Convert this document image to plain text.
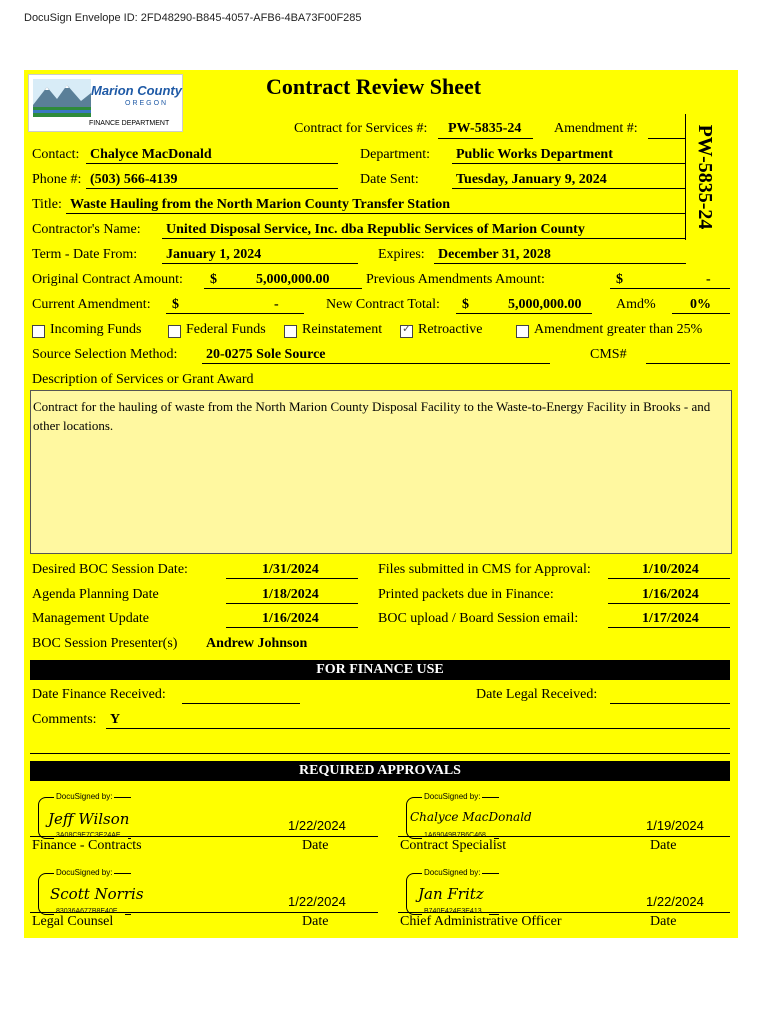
DocuSign Envelope ID: 2FD48290-B845-4057-AFB6-4BA73F00F285
Marion County
OREGON
FINANCE DEPARTMENT
Contract Review Sheet
PW-5835-24
Contract for Services #: PW-5835-24 Amendment #:
Contact: Chalyce MacDonald	Department: Public Works Department
Phone #: (503) 566-4139	Date Sent:	Tuesday, January 9, 2024
Title: Waste Hauling from the North Marion County Transfer Station
Contractor's Name: United Disposal Service, Inc. dba Republic Services of Marion County
Term - Date From: January 1, 2024	Expires: December 31, 2028
Original Contract Amount: $	5,000,000.00	Previous Amendments Amount:	$	-
Current Amendment: $	-	New Contract Total: $	5,000,000.00 Amd% 0%
Incoming Funds	Federal Funds	Reinstatement
✓	Retroactive	Amendment greater than 25%
Source Selection Method: 20-0275 Sole Source	CMS#
Description of Services or Grant Award
Contract for the hauling of waste from the North Marion County Disposal Facility to the Waste-to-Energy Facility in Brooks - and other locations.
Desired BOC Session Date:	1/31/2024	Files submitted in CMS for Approval:	1/10/2024
Agenda Planning Date	1/18/2024	Printed packets due in Finance:	1/16/2024
Management Update	1/16/2024	BOC upload / Board Session email:	1/17/2024
BOC Session Presenter(s) Andrew Johnson
FOR FINANCE USE
Date Finance Received:	Date Legal Received:
Comments: Y
REQUIRED APPROVALS
DocuSigned by:
Jeff Wilson
3A08C9E7C3E24AE...
1/22/2024
Finance - Contracts	Date
DocuSigned by:
Chalyce MacDonald
1A69049B7B6C468...
1/19/2024
Contract Specialist	Date
DocuSigned by:
Scott Norris
83036A677B8E40E...
1/22/2024
Legal Counsel	Date
DocuSigned by:
Jan Fritz
B740E424E3E413...
1/22/2024
Chief Administrative Officer	Date
